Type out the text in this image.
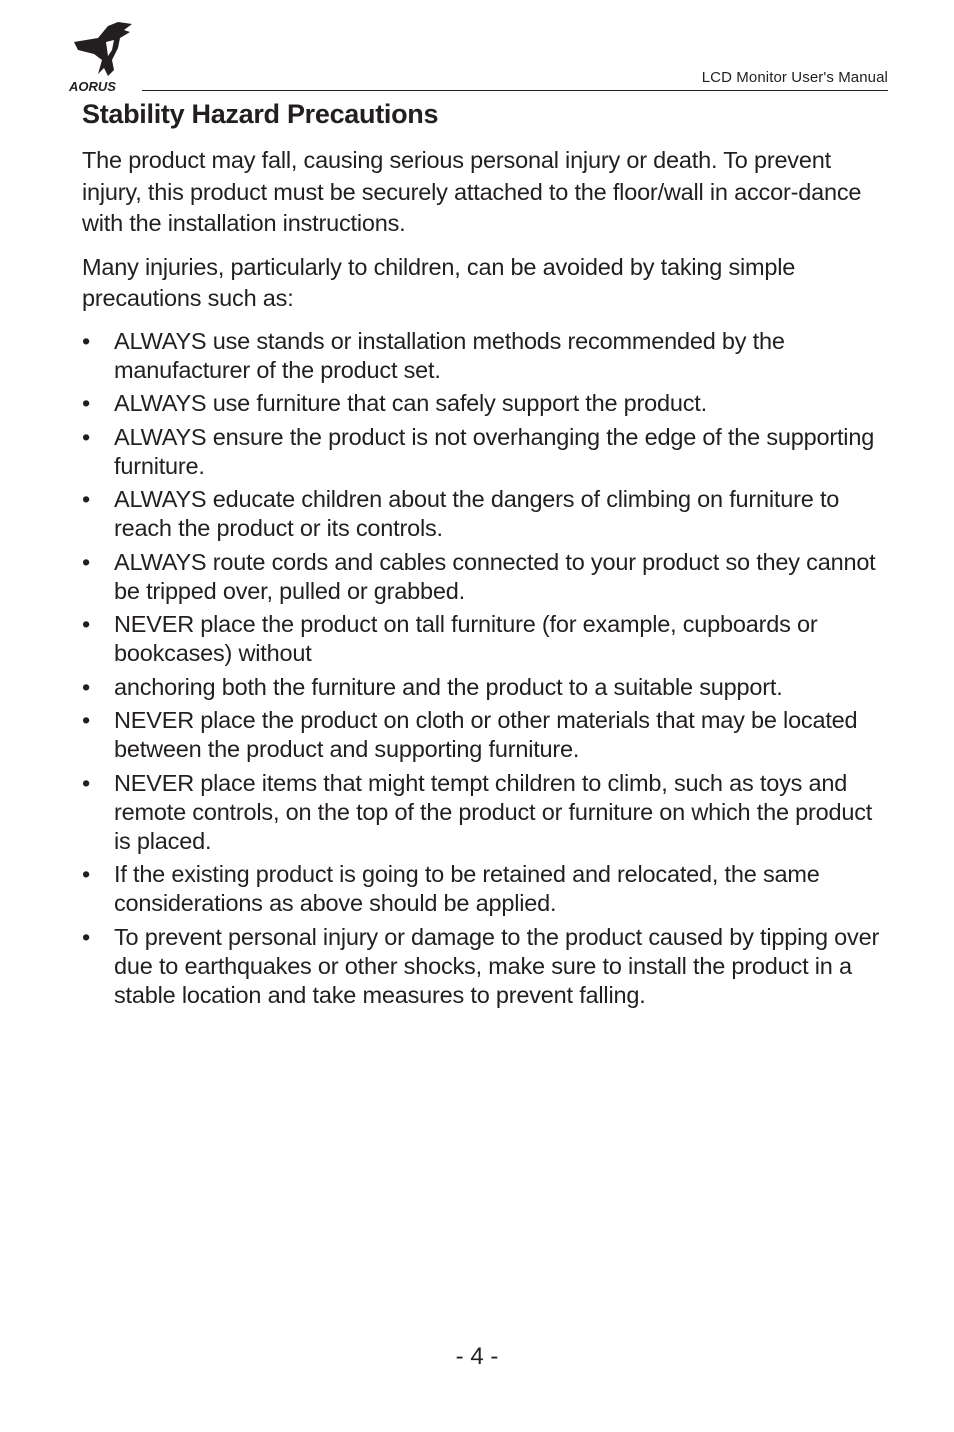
AORUS
LCD Monitor User's Manual
Stability Hazard Precautions

The product may fall, causing serious personal injury or death. To prevent injury, this product must be securely attached to the floor/wall in accor-dance with the installation instructions.

Many injuries, particularly to children, can be avoided by taking simple precautions such as:

• ALWAYS use stands or installation methods recommended by the manufacturer of the product set.
• ALWAYS use furniture that can safely support the product.
• ALWAYS ensure the product is not overhanging the edge of the supporting furniture.
• ALWAYS educate children about the dangers of climbing on furniture to reach the product or its controls.
• ALWAYS route cords and cables connected to your product so they cannot be tripped over, pulled or grabbed.
• NEVER place the product on tall furniture (for example, cupboards or bookcases) without
• anchoring both the furniture and the product to a suitable support.
• NEVER place the product on cloth or other materials that may be located between the product and supporting furniture.
• NEVER place items that might tempt children to climb, such as toys and remote controls, on the top of the product or furniture on which the product is placed.
• If the existing product is going to be retained and relocated, the same considerations as above should be applied.
• To prevent personal injury or damage to the product caused by tipping over due to earthquakes or other shocks, make sure to install the product in a stable location and take measures to prevent falling.
- 4 -
